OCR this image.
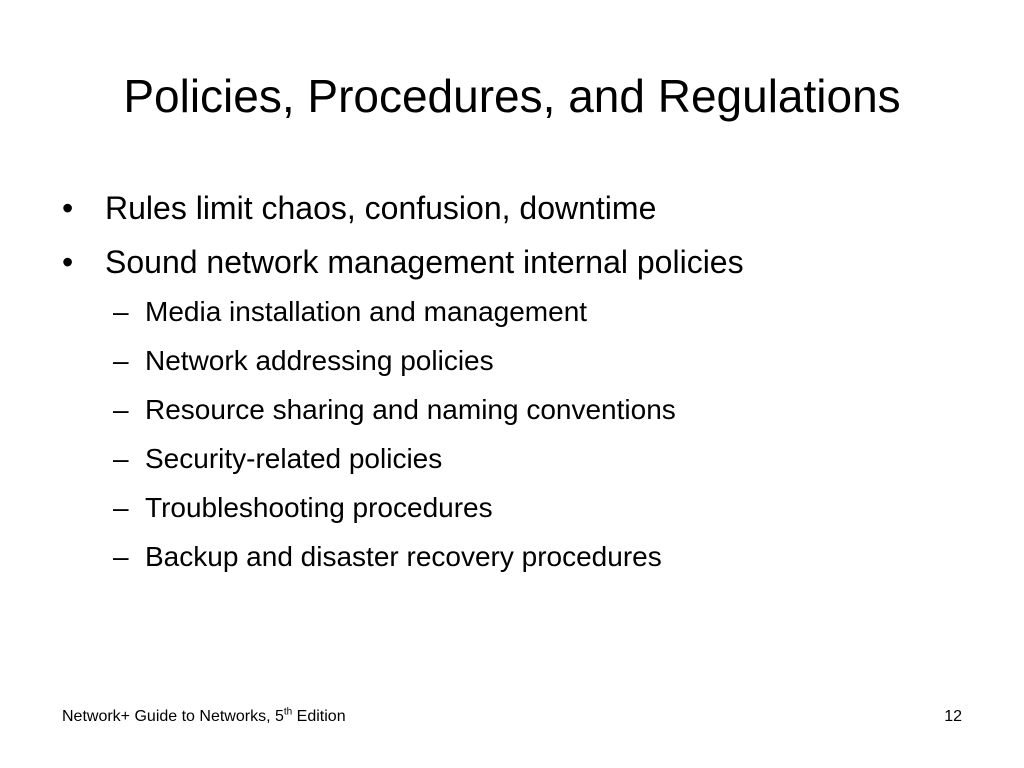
Policies, Procedures, and Regulations
• Rules limit chaos, confusion, downtime
• Sound network management internal policies
– Media installation and management
– Network addressing policies
– Resource sharing and naming conventions
– Security-related policies
– Troubleshooting procedures
– Backup and disaster recovery procedures
Network+ Guide to Networks, 5th Edition	12
